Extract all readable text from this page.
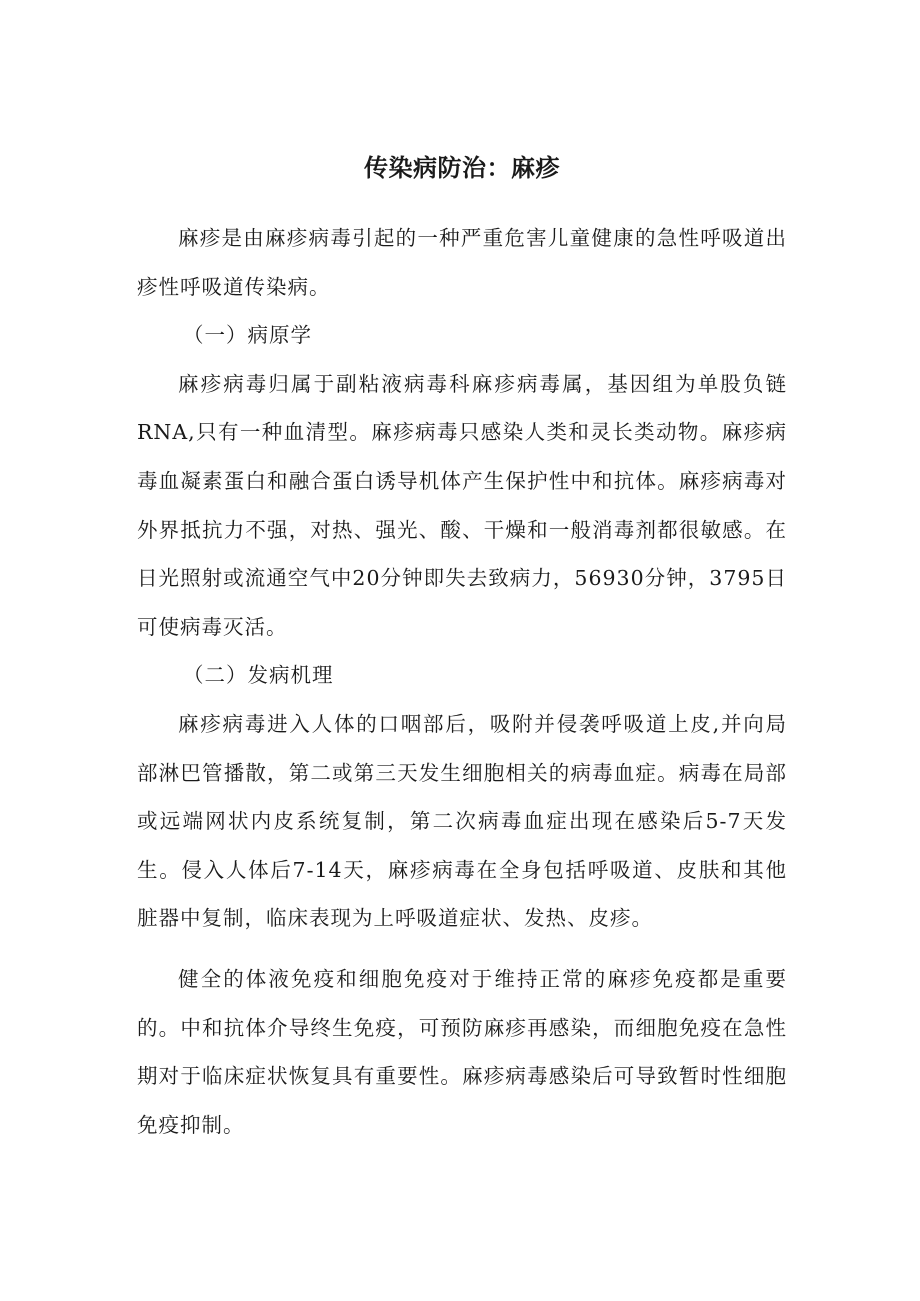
传染病防治：麻疹

麻疹是由麻疹病毒引起的一种严重危害儿童健康的急性呼吸道出疹性呼吸道传染病。

（一）病原学

麻疹病毒归属于副粘液病毒科麻疹病毒属，基因组为单股负链RNA,只有一种血清型。麻疹病毒只感染人类和灵长类动物。麻疹病毒血凝素蛋白和融合蛋白诱导机体产生保护性中和抗体。麻疹病毒对外界抵抗力不强，对热、强光、酸、干燥和一般消毒剂都很敏感。在日光照射或流通空气中20分钟即失去致病力，56930分钟，3795日可使病毒灭活。

（二）发病机理

麻疹病毒进入人体的口咽部后，吸附并侵袭呼吸道上皮,并向局部淋巴管播散，第二或第三天发生细胞相关的病毒血症。病毒在局部或远端网状内皮系统复制，第二次病毒血症出现在感染后5-7天发生。侵入人体后7-14天，麻疹病毒在全身包括呼吸道、皮肤和其他脏器中复制，临床表现为上呼吸道症状、发热、皮疹。

健全的体液免疫和细胞免疫对于维持正常的麻疹免疫都是重要的。中和抗体介导终生免疫，可预防麻疹再感染，而细胞免疫在急性期对于临床症状恢复具有重要性。麻疹病毒感染后可导致暂时性细胞免疫抑制。
